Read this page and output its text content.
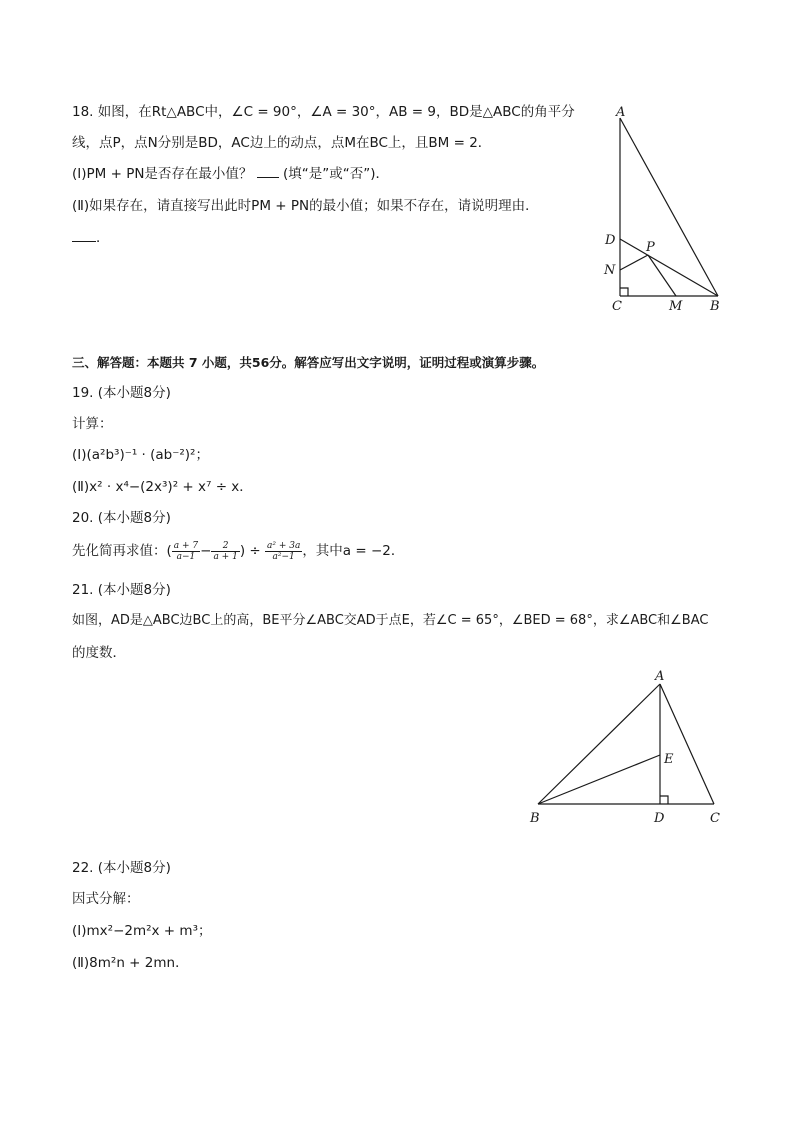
18. 如图，在Rt△ABC中，∠C = 90°，∠A = 30°，AB = 9，BD是△ABC的角平分
线，点P，点N分别是BD，AC边上的动点，点M在BC上，且BM = 2．
(Ⅰ)PM + PN是否存在最小值？ (填“是”或“否”)．
(Ⅱ)如果存在，请直接写出此时PM + PN的最小值；如果不存在，请说明理由．
．
A
D P
N
C	M B
三、解答题：本题共 7 小题，共56分。解答应写出文字说明，证明过程或演算步骤。
19. (本小题8分)
计算：
(Ⅰ)(a²b³)⁻¹ · (ab⁻²)²；
(Ⅱ)x² · x⁴−(2x³)² + x⁷ ÷ x．
20. (本小题8分)
先化简再求值：( $\frac{a + 7}{a-1} - \frac{2}{a + 1}$ ) ÷ $\frac{\text{a² + 3a}}{\text{a²−1}}$ ，其中a = −2．
21. (本小题8分)
如图，AD是△ABC边BC上的高，BE平分∠ABC交AD于点E，若∠C = 65°，∠BED = 68°，求∠ABC和∠BAC
的度数．
A
E
B	D	C
22. (本小题8分)
因式分解：
(Ⅰ)mx²−2m²x + m³；
(Ⅱ)8m²n + 2mn．
